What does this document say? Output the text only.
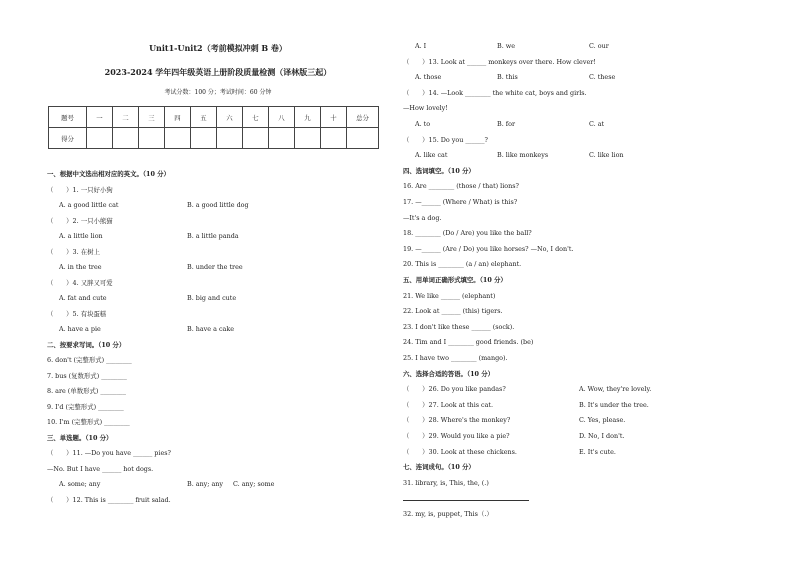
Unit1-Unit2（考前模拟冲刺 B 卷）
2023-2024 学年四年级英语上册阶段质量检测（译林版三起）
考试分数：100 分；考试时间：60 分钟
题号	一	二	三	四	五	六	七	八	九	十	总分
得分											
一、根据中文选出相对应的英文。（10 分）
（　　）1. 一只好小狗
A. a good little cat	B. a good little dog
（　　）2. 一只小熊猫
A. a little lion	B. a little panda
（　　）3. 在树上
A. in the tree	B. under the tree
（　　）4. 又胖又可爱
A. fat and cute	B. big and cute
（　　）5. 有块蛋糕
A. have a pie	B. have a cake
二、按要求写词。（10 分）
6. don't (完整形式) ________
7. bus (复数形式) ________
8. are (单数形式) ________
9. I'd (完整形式) ________
10. I'm (完整形式) ________
三、单选题。（10 分）
（　　）11. —Do you have ______ pies?
—No. But I have ______ hot dogs.
A. some; any	B. any; any C. any; some
（　　）12. This is ________ fruit salad.
A. I	B. we	C. our
（　　）13. Look at ______ monkeys over there. How clever!
A. those	B. this	C. these
（　　）14. —Look ________ the white cat, boys and girls.
—How lovely!
A. to	B. for	C. at
（　　）15. Do you ______?
A. like cat	B. like monkeys	C. like lion
四、选词填空。（10 分）
16. Are ________ (those / that) lions?
17. —______ (Where / What) is this?
—It's a dog.
18. ________ (Do / Are) you like the ball?
19. —______ (Are / Do) you like horses? —No, I don't.
20. This is ________ (a / an) elephant.
五、用单词正确形式填空。（10 分）
21. We like ______ (elephant)
22. Look at ______ (this) tigers.
23. I don't like these ______ (sock).
24. Tim and I ________ good friends. (be)
25. I have two ________ (mango).
六、选择合适的答语。（10 分）
（　　）26. Do you like pandas?	A. Wow, they're lovely.
（　　）27. Look at this cat.	B. It's under the tree.
（　　）28. Where's the monkey?	C. Yes, please.
（　　）29. Would you like a pie?	D. No, I don't.
（　　）30. Look at these chickens.	E. It's cute.
七、连词成句。（10 分）
31. library, is, This, the, (.)
32. my, is, puppet, This（.）
